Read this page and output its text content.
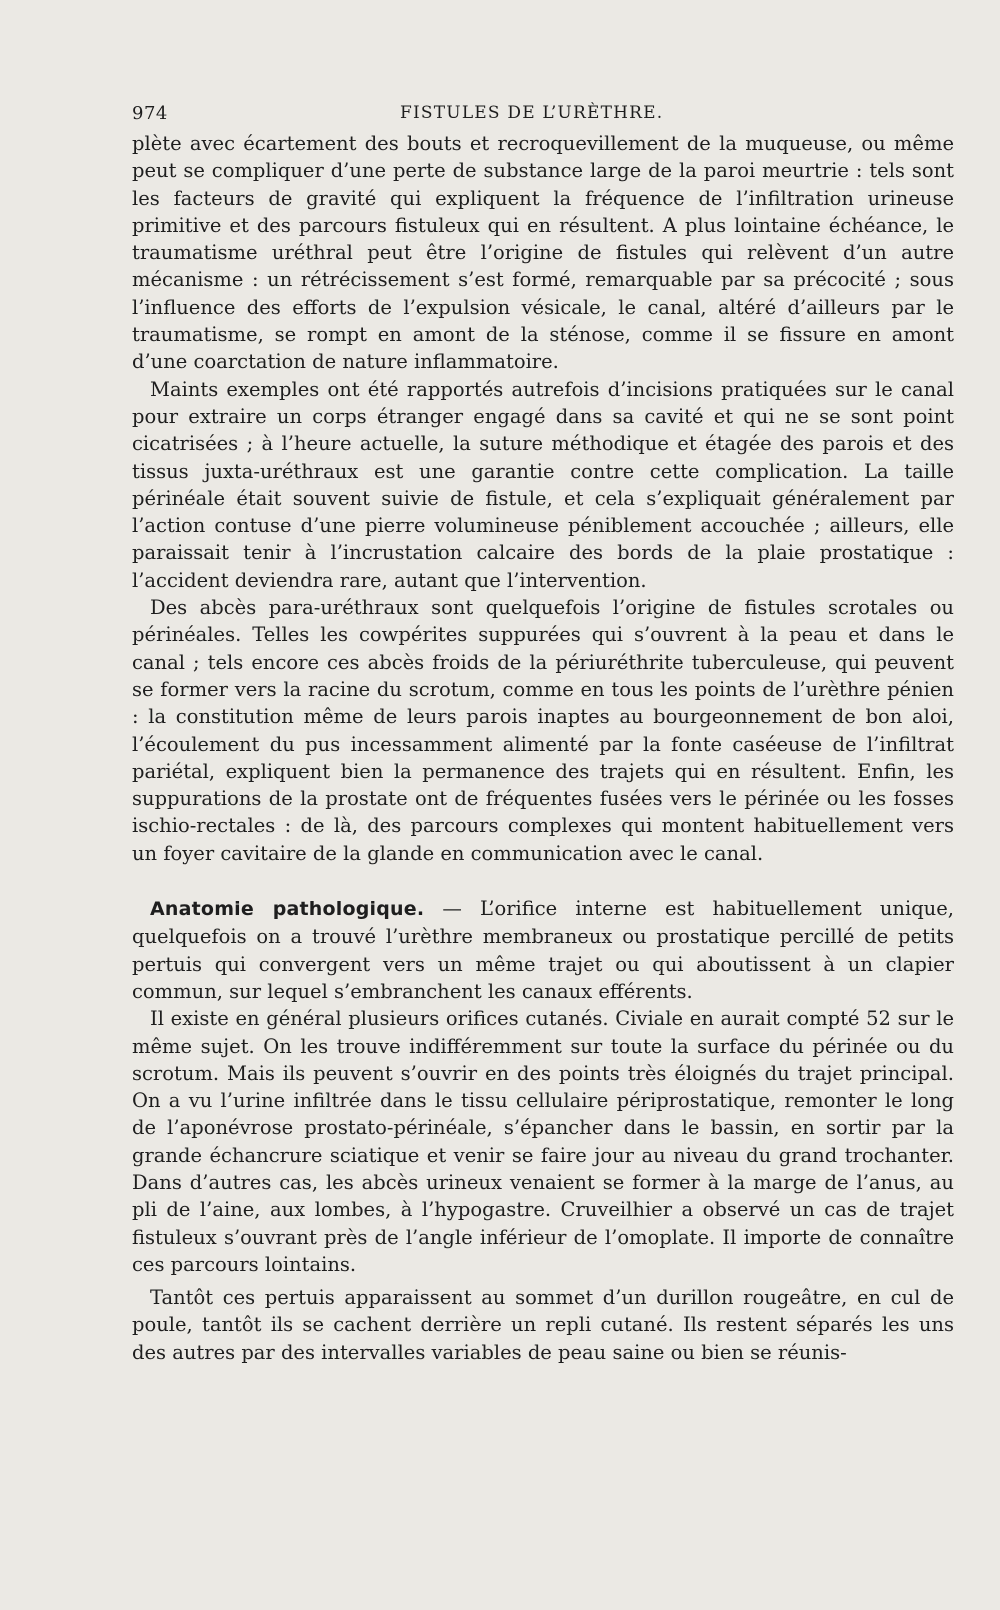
974	FISTULES DE L’URÈTHRE.

plète avec écartement des bouts et recroquevillement de la muqueuse, ou même peut se compliquer d’une perte de substance large de la paroi meurtrie : tels sont les facteurs de gravité qui expliquent la fréquence de l’infiltration urineuse primitive et des parcours fistuleux qui en résultent. A plus lointaine échéance, le traumatisme uréthral peut être l’origine de fistules qui relèvent d’un autre mécanisme : un rétrécissement s’est formé, remarquable par sa précocité ; sous l’influence des efforts de l’expulsion vésicale, le canal, altéré d’ailleurs par le traumatisme, se rompt en amont de la sténose, comme il se fissure en amont d’une coarctation de nature inflammatoire.

Maints exemples ont été rapportés autrefois d’incisions pratiquées sur le canal pour extraire un corps étranger engagé dans sa cavité et qui ne se sont point cicatrisées ; à l’heure actuelle, la suture méthodique et étagée des parois et des tissus juxta-uréthraux est une garantie contre cette complication. La taille périnéale était souvent suivie de fistule, et cela s’expliquait généralement par l’action contuse d’une pierre volumineuse péniblement accouchée ; ailleurs, elle paraissait tenir à l’incrustation calcaire des bords de la plaie prostatique : l’accident deviendra rare, autant que l’intervention.

Des abcès para-uréthraux sont quelquefois l’origine de fistules scrotales ou périnéales. Telles les cowpérites suppurées qui s’ouvrent à la peau et dans le canal ; tels encore ces abcès froids de la périuréthrite tuberculeuse, qui peuvent se former vers la racine du scrotum, comme en tous les points de l’urèthre pénien : la constitution même de leurs parois inaptes au bourgeonnement de bon aloi, l’écoulement du pus incessamment alimenté par la fonte caséeuse de l’infiltrat pariétal, expliquent bien la permanence des trajets qui en résultent. Enfin, les suppurations de la prostate ont de fréquentes fusées vers le périnée ou les fosses ischio-rectales : de là, des parcours complexes qui montent habituellement vers un foyer cavitaire de la glande en communication avec le canal.

Anatomie pathologique. — L’orifice interne est habituellement unique, quelquefois on a trouvé l’urèthre membraneux ou prostatique percillé de petits pertuis qui convergent vers un même trajet ou qui aboutissent à un clapier commun, sur lequel s’embranchent les canaux efférents.

Il existe en général plusieurs orifices cutanés. Civiale en aurait compté 52 sur le même sujet. On les trouve indifféremment sur toute la surface du périnée ou du scrotum. Mais ils peuvent s’ouvrir en des points très éloignés du trajet principal. On a vu l’urine infiltrée dans le tissu cellulaire périprostatique, remonter le long de l’aponévrose prostato-périnéale, s’épancher dans le bassin, en sortir par la grande échancrure sciatique et venir se faire jour au niveau du grand trochanter. Dans d’autres cas, les abcès urineux venaient se former à la marge de l’anus, au pli de l’aine, aux lombes, à l’hypogastre. Cruveilhier a observé un cas de trajet fistuleux s’ouvrant près de l’angle inférieur de l’omoplate. Il importe de connaître ces parcours lointains.

Tantôt ces pertuis apparaissent au sommet d’un durillon rougeâtre, en cul de poule, tantôt ils se cachent derrière un repli cutané. Ils restent séparés les uns des autres par des intervalles variables de peau saine ou bien se réunis-
